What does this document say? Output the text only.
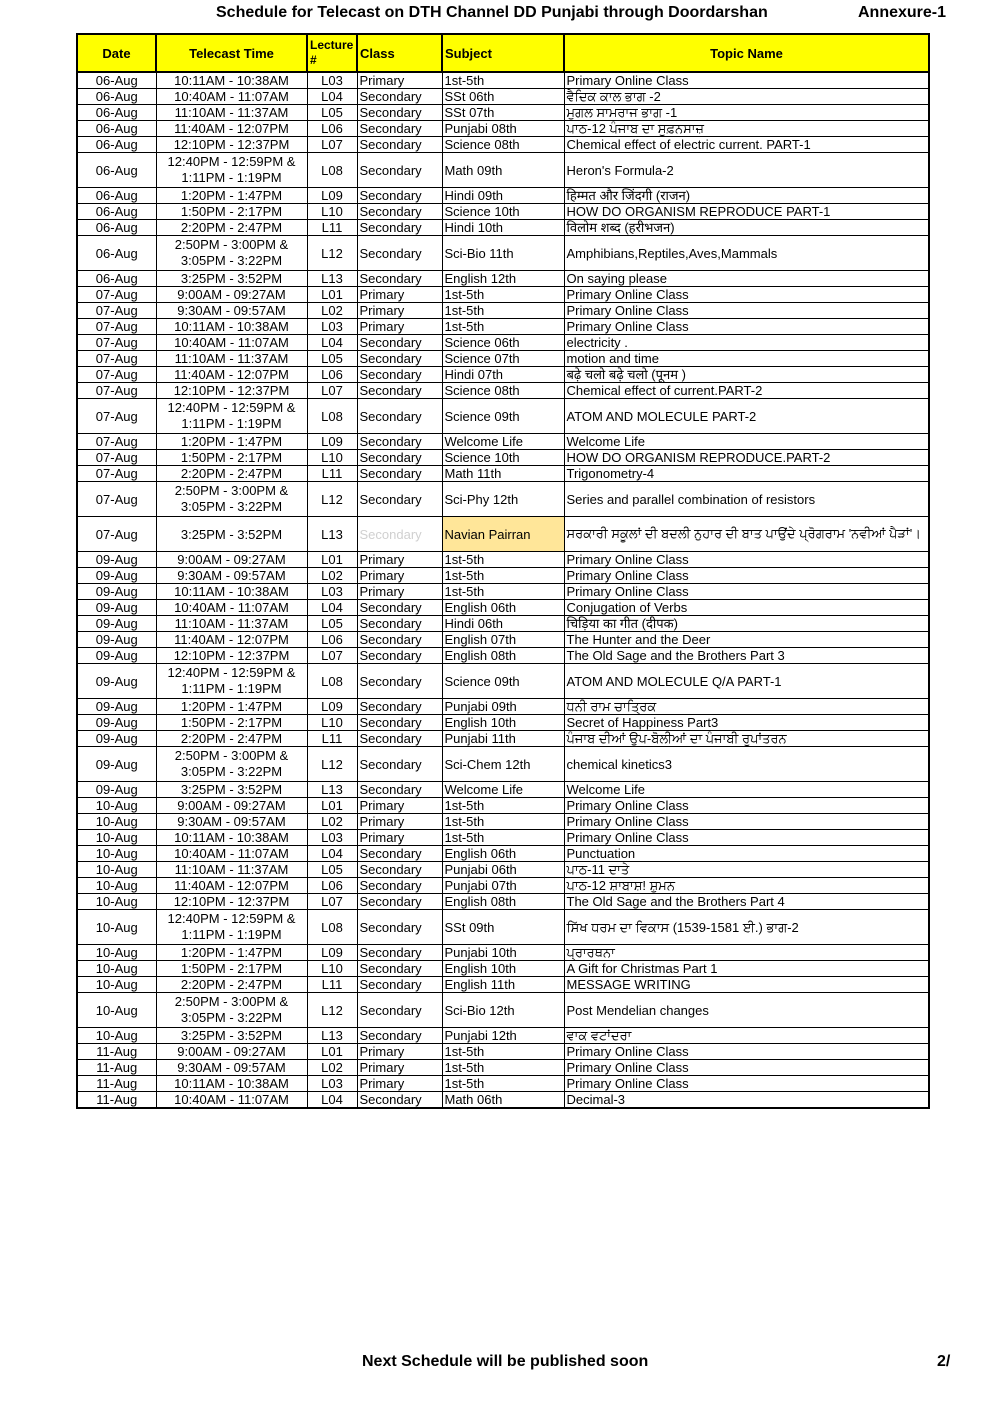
Schedule for Telecast on DTH Channel DD Punjabi through Doordarshan	Annexure-1
Date	Telecast Time	Lecture #	Class	Subject	Topic Name
06-Aug	10:11AM - 10:38AM	L03	Primary	1st-5th	Primary Online Class
06-Aug	10:40AM - 11:07AM	L04	Secondary	SSt 06th	ਵੈਦਿਕ ਕਾਲ ਭਾਗ -2
06-Aug	11:10AM - 11:37AM	L05	Secondary	SSt 07th	ਮੁਗਲ ਸਾਮਰਾਜ ਭਾਗ -1
06-Aug	11:40AM - 12:07PM	L06	Secondary	Punjabi 08th	ਪਾਠ-12 ਪੰਜਾਬ ਦਾ ਸੂਫ਼ਨਸਾਜ਼
06-Aug	12:10PM - 12:37PM	L07	Secondary	Science 08th	Chemical effect of electric current. PART-1
06-Aug	12:40PM - 12:59PM &
1:11PM - 1:19PM	L08	Secondary	Math 09th	Heron's Formula-2
06-Aug	1:20PM - 1:47PM	L09	Secondary	Hindi 09th	हिम्मत और जिंदगी (राजन)
06-Aug	1:50PM - 2:17PM	L10	Secondary	Science 10th	HOW DO ORGANISM REPRODUCE PART-1
06-Aug	2:20PM - 2:47PM	L11	Secondary	Hindi 10th	विलोम शब्द (हरीभजन)
06-Aug	2:50PM - 3:00PM &
3:05PM - 3:22PM	L12	Secondary	Sci-Bio 11th	Amphibians,Reptiles,Aves,Mammals
06-Aug	3:25PM - 3:52PM	L13	Secondary	English 12th	On saying please
07-Aug	9:00AM - 09:27AM	L01	Primary	1st-5th	Primary Online Class
07-Aug	9:30AM - 09:57AM	L02	Primary	1st-5th	Primary Online Class
07-Aug	10:11AM - 10:38AM	L03	Primary	1st-5th	Primary Online Class
07-Aug	10:40AM - 11:07AM	L04	Secondary	Science 06th	electricity .
07-Aug	11:10AM - 11:37AM	L05	Secondary	Science 07th	motion and time
07-Aug	11:40AM - 12:07PM	L06	Secondary	Hindi 07th	बढ़े चलो बढ़े चलो (पूनम )
07-Aug	12:10PM - 12:37PM	L07	Secondary	Science 08th	Chemical effect of current.PART-2
07-Aug	12:40PM - 12:59PM &
1:11PM - 1:19PM	L08	Secondary	Science 09th	ATOM AND MOLECULE PART-2
07-Aug	1:20PM - 1:47PM	L09	Secondary	Welcome Life	Welcome Life
07-Aug	1:50PM - 2:17PM	L10	Secondary	Science 10th	HOW DO ORGANISM REPRODUCE.PART-2
07-Aug	2:20PM - 2:47PM	L11	Secondary	Math 11th	Trigonometry-4
07-Aug	2:50PM - 3:00PM &
3:05PM - 3:22PM	L12	Secondary	Sci-Phy 12th	Series and parallel combination of resistors
07-Aug	3:25PM - 3:52PM	L13	Secondary	Navian Pairran	ਸਰਕਾਰੀ ਸਕੂਲਾਂ ਦੀ ਬਦਲੀ ਨੁਹਾਰ ਦੀ ਬਾਤ ਪਾਉਂਦੇ ਪ੍ਰੋਗਰਾਮ 'ਨਵੀਆਂ ਪੈੜਾਂ'।
09-Aug	9:00AM - 09:27AM	L01	Primary	1st-5th	Primary Online Class
09-Aug	9:30AM - 09:57AM	L02	Primary	1st-5th	Primary Online Class
09-Aug	10:11AM - 10:38AM	L03	Primary	1st-5th	Primary Online Class
09-Aug	10:40AM - 11:07AM	L04	Secondary	English 06th	Conjugation of Verbs
09-Aug	11:10AM - 11:37AM	L05	Secondary	Hindi 06th	चिड़िया का गीत (दीपक)
09-Aug	11:40AM - 12:07PM	L06	Secondary	English 07th	The Hunter and the Deer
09-Aug	12:10PM - 12:37PM	L07	Secondary	English 08th	The Old Sage and the Brothers Part 3
09-Aug	12:40PM - 12:59PM &
1:11PM - 1:19PM	L08	Secondary	Science 09th	ATOM AND MOLECULE Q/A PART-1
09-Aug	1:20PM - 1:47PM	L09	Secondary	Punjabi 09th	ਧਨੀ ਰਾਮ ਚਾਤ੍ਰਿਕ
09-Aug	1:50PM - 2:17PM	L10	Secondary	English 10th	Secret of Happiness Part3
09-Aug	2:20PM - 2:47PM	L11	Secondary	Punjabi 11th	ਪੰਜਾਬ ਦੀਆਂ ਉਪ-ਬੋਲੀਆਂ ਦਾ ਪੰਜਾਬੀ ਰੂਪਾਂਤਰਨ
09-Aug	2:50PM - 3:00PM &
3:05PM - 3:22PM	L12	Secondary	Sci-Chem 12th	chemical kinetics3
09-Aug	3:25PM - 3:52PM	L13	Secondary	Welcome Life	Welcome Life
10-Aug	9:00AM - 09:27AM	L01	Primary	1st-5th	Primary Online Class
10-Aug	9:30AM - 09:57AM	L02	Primary	1st-5th	Primary Online Class
10-Aug	10:11AM - 10:38AM	L03	Primary	1st-5th	Primary Online Class
10-Aug	10:40AM - 11:07AM	L04	Secondary	English 06th	Punctuation
10-Aug	11:10AM - 11:37AM	L05	Secondary	Punjabi 06th	ਪਾਠ-11 ਦਾਤੇ
10-Aug	11:40AM - 12:07PM	L06	Secondary	Punjabi 07th	ਪਾਠ-12 ਸ਼ਾਬਾਸ਼! ਸ਼ੁਮਨ
10-Aug	12:10PM - 12:37PM	L07	Secondary	English 08th	The Old Sage and the Brothers Part 4
10-Aug	12:40PM - 12:59PM &
1:11PM - 1:19PM	L08	Secondary	SSt 09th	ਸਿੱਖ ਧਰਮ ਦਾ ਵਿਕਾਸ (1539-1581 ਈ.) ਭਾਗ-2
10-Aug	1:20PM - 1:47PM	L09	Secondary	Punjabi 10th	ਪ੍ਰਾਰਥਨਾ
10-Aug	1:50PM - 2:17PM	L10	Secondary	English 10th	A Gift for Christmas Part 1
10-Aug	2:20PM - 2:47PM	L11	Secondary	English 11th	MESSAGE WRITING
10-Aug	2:50PM - 3:00PM &
3:05PM - 3:22PM	L12	Secondary	Sci-Bio 12th	Post Mendelian changes
10-Aug	3:25PM - 3:52PM	L13	Secondary	Punjabi 12th	ਵਾਕ ਵਟਾਂਦਰਾ
11-Aug	9:00AM - 09:27AM	L01	Primary	1st-5th	Primary Online Class
11-Aug	9:30AM - 09:57AM	L02	Primary	1st-5th	Primary Online Class
11-Aug	10:11AM - 10:38AM	L03	Primary	1st-5th	Primary Online Class
11-Aug	10:40AM - 11:07AM	L04	Secondary	Math 06th	Decimal-3
Next Schedule will be published soon	2/
